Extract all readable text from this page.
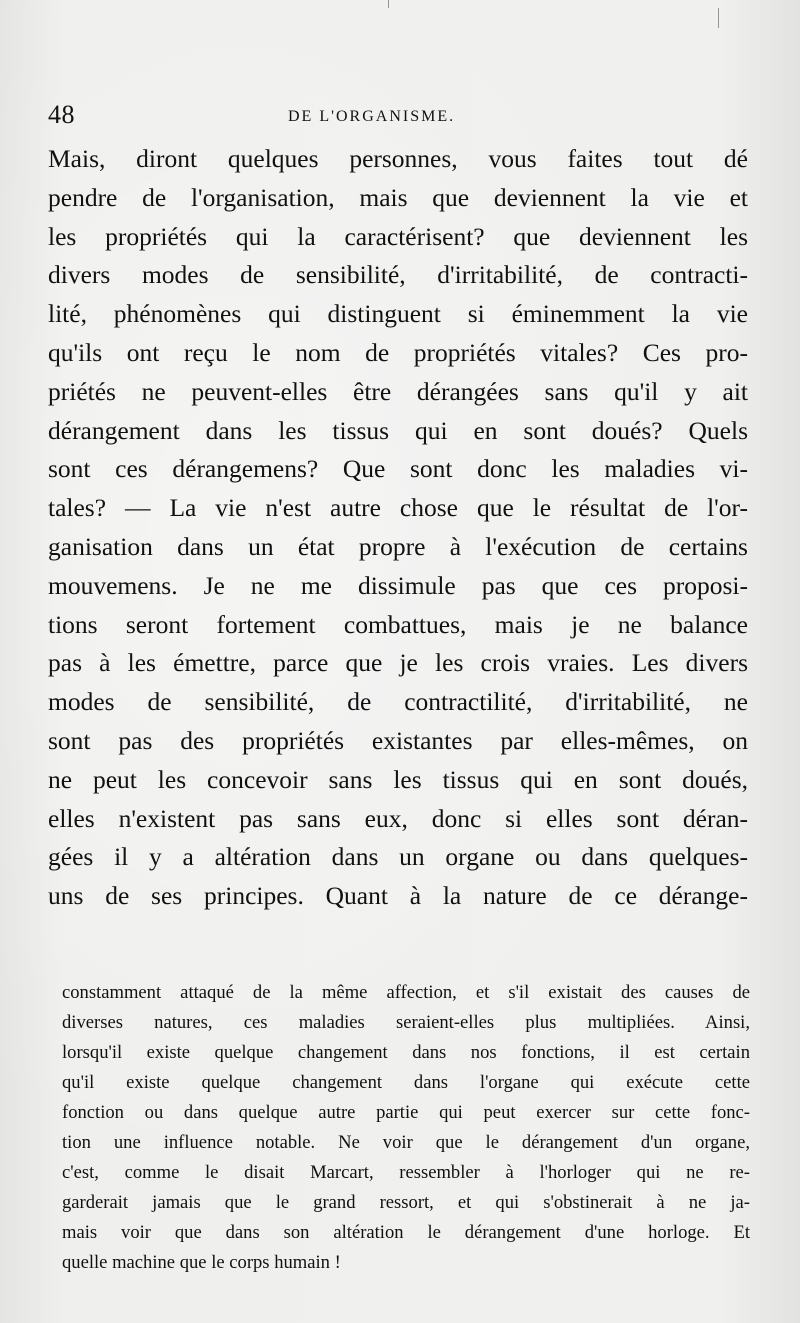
48	DE L'ORGANISME.
Mais, diront quelques personnes, vous faites tout dé
pendre de l'organisation, mais que deviennent la vie et
les propriétés qui la caractérisent? que deviennent les
divers modes de sensibilité, d'irritabilité, de contracti-
lité, phénomènes qui distinguent si éminemment la vie
qu'ils ont reçu le nom de propriétés vitales? Ces pro-
priétés ne peuvent-elles être dérangées sans qu'il y ait
dérangement dans les tissus qui en sont doués? Quels
sont ces dérangemens? Que sont donc les maladies vi-
tales? — La vie n'est autre chose que le résultat de l'or-
ganisation dans un état propre à l'exécution de certains
mouvemens. Je ne me dissimule pas que ces proposi-
tions seront fortement combattues, mais je ne balance
pas à les émettre, parce que je les crois vraies. Les divers
modes de sensibilité, de contractilité, d'irritabilité, ne
sont pas des propriétés existantes par elles-mêmes, on
ne peut les concevoir sans les tissus qui en sont doués,
elles n'existent pas sans eux, donc si elles sont déran-
gées il y a altération dans un organe ou dans quelques-
uns de ses principes. Quant à la nature de ce dérange-
constamment attaqué de la même affection, et s'il existait des causes de
diverses natures, ces maladies seraient-elles plus multipliées. Ainsi,
lorsqu'il existe quelque changement dans nos fonctions, il est certain
qu'il existe quelque changement dans l'organe qui exécute cette
fonction ou dans quelque autre partie qui peut exercer sur cette fonc-
tion une influence notable. Ne voir que le dérangement d'un organe,
c'est, comme le disait Marcart, ressembler à l'horloger qui ne re-
garderait jamais que le grand ressort, et qui s'obstinerait à ne ja-
mais voir que dans son altération le dérangement d'une horloge. Et
quelle machine que le corps humain !
